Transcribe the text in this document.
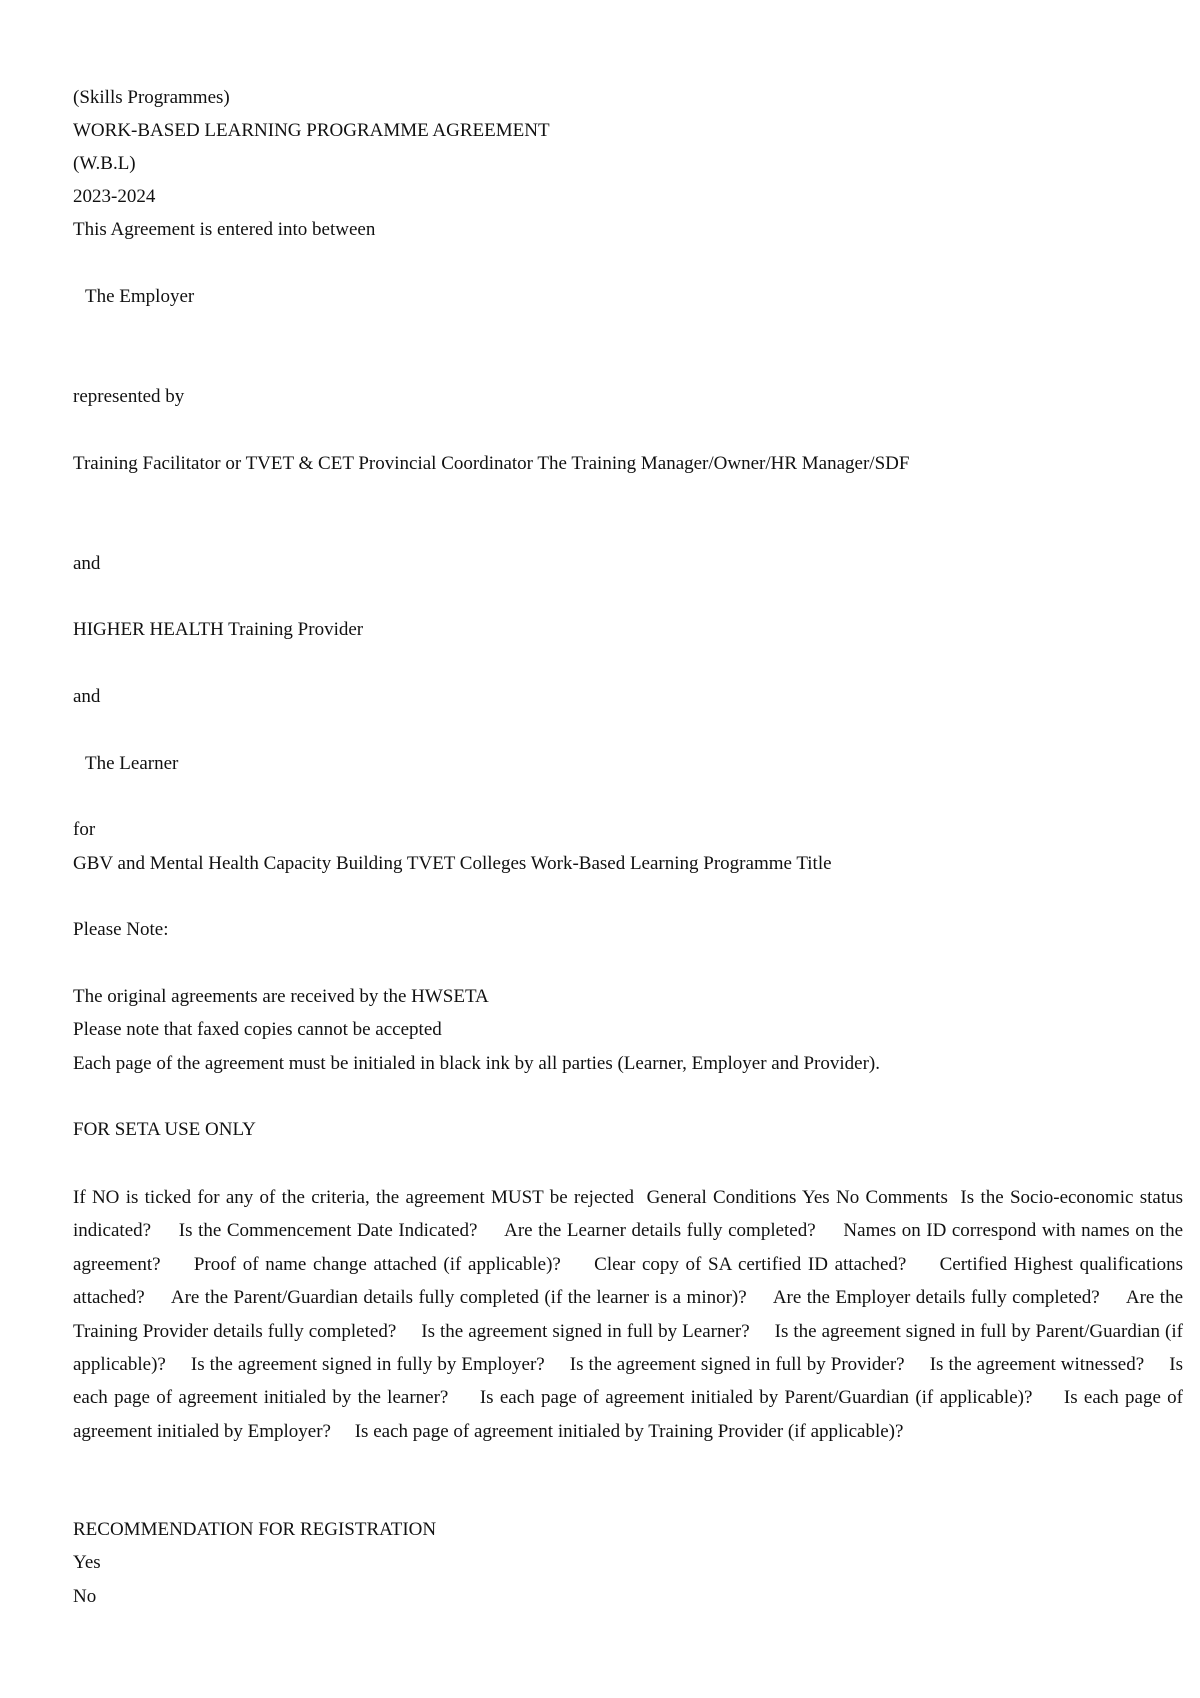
(Skills Programmes)
WORK-BASED LEARNING PROGRAMME AGREEMENT
(W.B.L)
2023-2024
This Agreement is entered into between
The Employer
represented by
Training Facilitator or TVET & CET Provincial Coordinator The Training Manager/Owner/HR Manager/SDF
and
HIGHER HEALTH Training Provider
and
The Learner
for
GBV and Mental Health Capacity Building TVET Colleges Work-Based Learning Programme Title
Please Note:
The original agreements are received by the HWSETA
Please note that faxed copies cannot be accepted
Each page of the agreement must be initialed in black ink by all parties (Learner, Employer and Provider).
FOR SETA USE ONLY
If NO is ticked for any of the criteria, the agreement MUST be rejected  General Conditions Yes No Comments  Is the Socio-economic status indicated?     Is the Commencement Date Indicated?     Are the Learner details fully completed?     Names on ID correspond with names on the agreement?     Proof of name change attached (if applicable)?     Clear copy of SA certified ID attached?     Certified Highest qualifications attached?     Are the Parent/Guardian details fully completed (if the learner is a minor)?     Are the Employer details fully completed?     Are the Training Provider details fully completed?     Is the agreement signed in full by Learner?     Is the agreement signed in full by Parent/Guardian (if applicable)?     Is the agreement signed in fully by Employer?     Is the agreement signed in full by Provider?     Is the agreement witnessed?     Is each page of agreement initialed by the learner?     Is each page of agreement initialed by Parent/Guardian (if applicable)?     Is each page of agreement initialed by Employer?     Is each page of agreement initialed by Training Provider (if applicable)?
RECOMMENDATION FOR REGISTRATION
Yes
No
